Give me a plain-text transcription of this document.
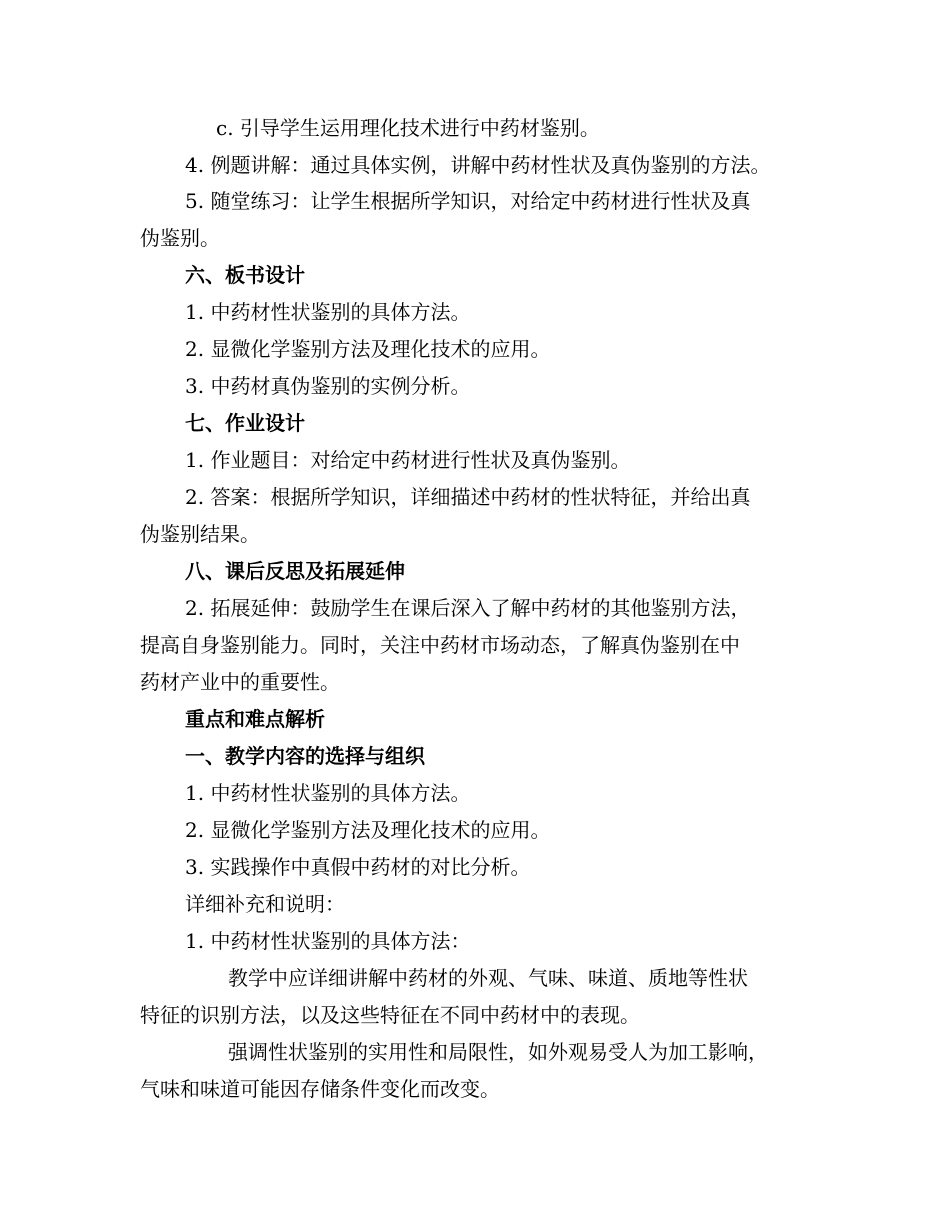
c. 引导学生运用理化技术进行中药材鉴别。
4. 例题讲解：通过具体实例，讲解中药材性状及真伪鉴别的方法。
5. 随堂练习：让学生根据所学知识，对给定中药材进行性状及真
伪鉴别。
六、板书设计
1. 中药材性状鉴别的具体方法。
2. 显微化学鉴别方法及理化技术的应用。
3. 中药材真伪鉴别的实例分析。
七、作业设计
1. 作业题目：对给定中药材进行性状及真伪鉴别。
2. 答案：根据所学知识，详细描述中药材的性状特征，并给出真
伪鉴别结果。
八、课后反思及拓展延伸
2. 拓展延伸：鼓励学生在课后深入了解中药材的其他鉴别方法，
提高自身鉴别能力。同时，关注中药材市场动态，了解真伪鉴别在中
药材产业中的重要性。
重点和难点解析
一、教学内容的选择与组织
1. 中药材性状鉴别的具体方法。
2. 显微化学鉴别方法及理化技术的应用。
3. 实践操作中真假中药材的对比分析。
详细补充和说明：
1. 中药材性状鉴别的具体方法：
教学中应详细讲解中药材的外观、气味、味道、质地等性状
特征的识别方法，以及这些特征在不同中药材中的表现。
强调性状鉴别的实用性和局限性，如外观易受人为加工影响，
气味和味道可能因存储条件变化而改变。
